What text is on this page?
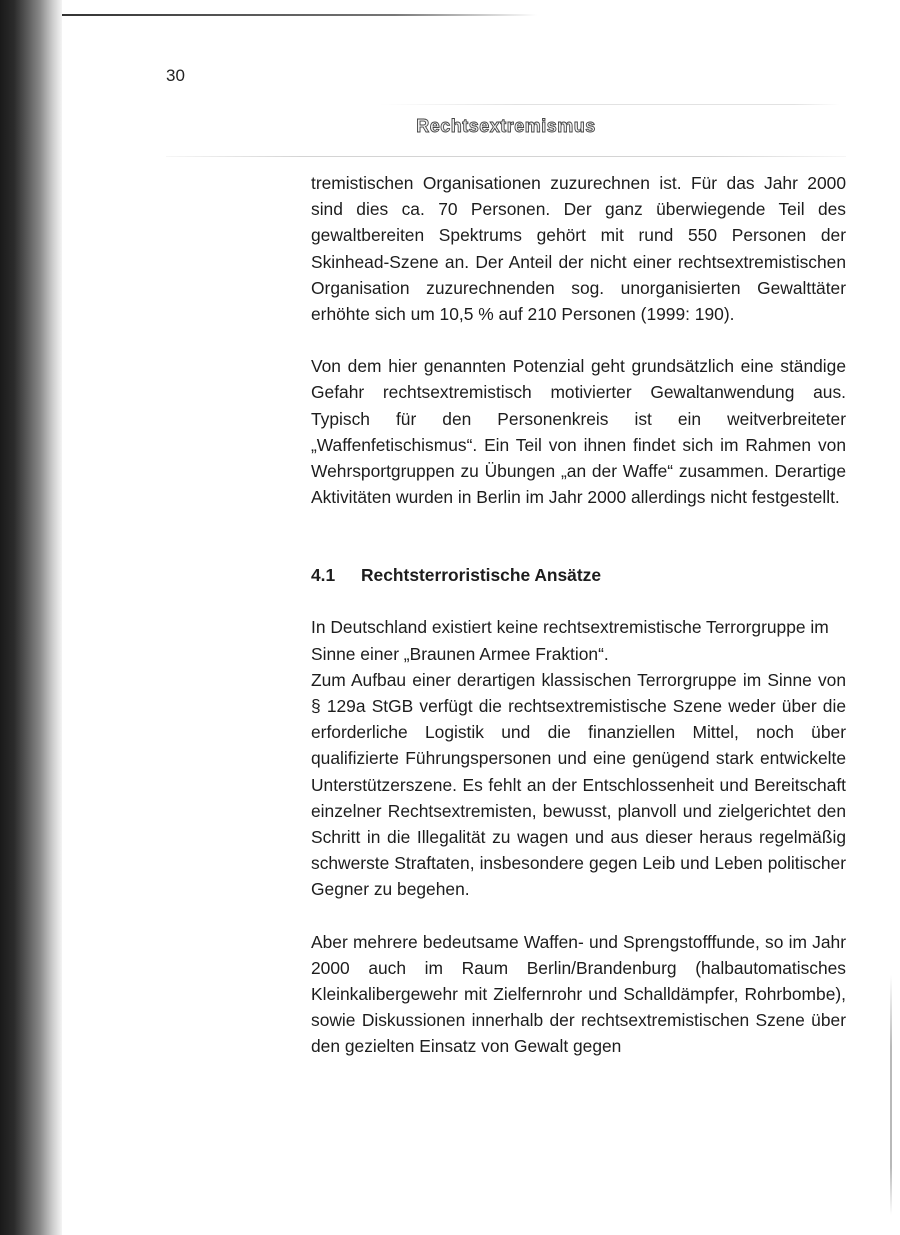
30
Rechtsextremismus

tremistischen Organisationen zuzurechnen ist. Für das Jahr 2000 sind dies ca. 70 Personen. Der ganz überwiegende Teil des gewaltbereiten Spektrums gehört mit rund 550 Personen der Skinhead-Szene an. Der Anteil der nicht einer rechtsextremistischen Organisation zuzurechnenden sog. unorganisierten Gewalttäter erhöhte sich um 10,5 % auf 210 Personen (1999: 190).

Von dem hier genannten Potenzial geht grundsätzlich eine ständige Gefahr rechtsextremistisch motivierter Gewaltanwendung aus. Typisch für den Personenkreis ist ein weitverbreiteter „Waffenfetischismus“. Ein Teil von ihnen findet sich im Rahmen von Wehrsportgruppen zu Übungen „an der Waffe“ zusammen. Derartige Aktivitäten wurden in Berlin im Jahr 2000 allerdings nicht festgestellt.

4.1	Rechtsterroristische Ansätze

In Deutschland existiert keine rechtsextremistische Terrorgruppe im Sinne einer „Braunen Armee Fraktion“.

Zum Aufbau einer derartigen klassischen Terrorgruppe im Sinne von § 129a StGB verfügt die rechtsextremistische Szene weder über die erforderliche Logistik und die finanziellen Mittel, noch über qualifizierte Führungspersonen und eine genügend stark entwickelte Unterstützerszene. Es fehlt an der Entschlossenheit und Bereitschaft einzelner Rechtsextremisten, bewusst, planvoll und zielgerichtet den Schritt in die Illegalität zu wagen und aus dieser heraus regelmäßig schwerste Straftaten, insbesondere gegen Leib und Leben politischer Gegner zu begehen.

Aber mehrere bedeutsame Waffen- und Sprengstofffunde, so im Jahr 2000 auch im Raum Berlin/Brandenburg (halbautomatisches Kleinkalibergewehr mit Zielfernrohr und Schalldämpfer, Rohrbombe), sowie Diskussionen innerhalb der rechtsextremistischen Szene über den gezielten Einsatz von Gewalt gegen
